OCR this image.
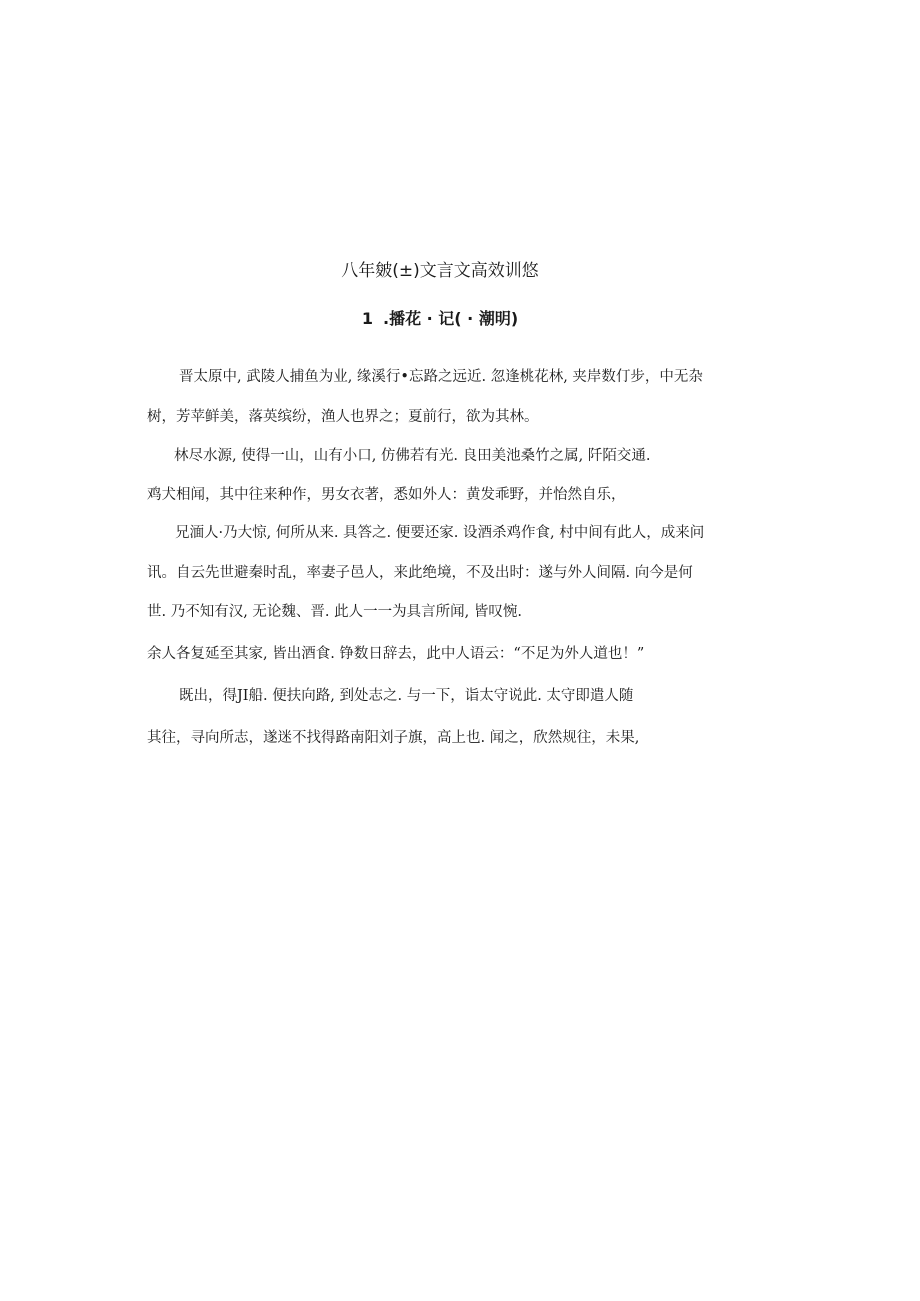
八年皴(±)文言文高效训悠
1 .播花 · 记( · 潮明)
晋太原中, 武陵人捕鱼为业, 缘溪行•忘路之远近. 忽逢桃花林, 夹岸数仃步，中无杂
树，芳苹鲜美，落英缤纷，渔人也界之；夏前行，欲为其林。
林尽水源, 使得一山，山有小口, 仿佛若有光. 良田美池桑竹之属, 阡陌交通.
鸡犬相闻，其中往来种作，男女衣著，悉如外人：黄发乖野，并怡然自乐，
兄湎人·乃大惊, 何所从来. 具答之. 便要还家. 设酒杀鸡作食, 村中间有此人，成来问
讯。自云先世避秦时乱，率妻子邑人，来此绝境，不及出时：遂与外人间隔. 向今是何
世. 乃不知有汉, 无论魏、晋. 此人一一为具言所闻, 皆叹惋.
余人各复延至其家, 皆出酒食. 铮数日辞去，此中人语云：“不足为外人道也！”
既出，得JI船. 便扶向路, 到处志之. 与一下，诣太守说此. 太守即遣人随
其往，寻向所志，遂迷不找得路南阳刘子旗，高上也. 闻之，欣然规往，未果,
